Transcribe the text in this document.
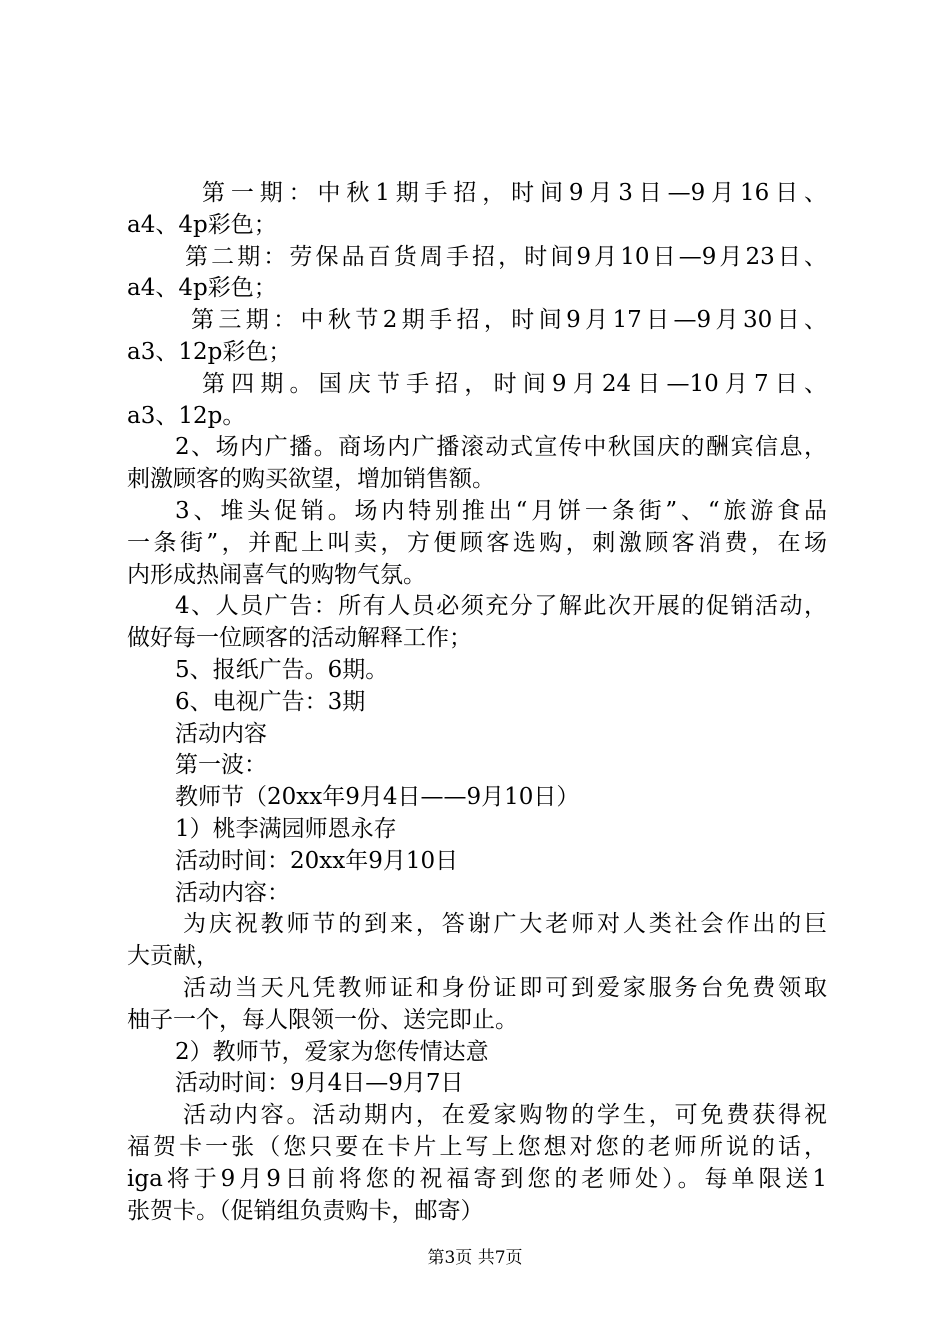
第一期：中秋1期手招，时间9月3日—9月16日、
a4、4p彩色；
第二期：劳保品百货周手招，时间9月10日—9月23日、
a4、4p彩色；
第三期：中秋节2期手招，时间9月17日—9月30日、
a3、12p彩色；
第四期。国庆节手招，时间9月24日—10月7日、
a3、12p。
2、场内广播。商场内广播滚动式宣传中秋国庆的酬宾信息，
刺激顾客的购买欲望，增加销售额。
3、堆头促销。场内特别推出“月饼一条街”、“旅游食品
一条街”，并配上叫卖，方便顾客选购，刺激顾客消费，在场
内形成热闹喜气的购物气氛。
4、人员广告：所有人员必须充分了解此次开展的促销活动，
做好每一位顾客的活动解释工作；
5、报纸广告。6期。
6、电视广告：3期
活动内容
第一波：
教师节（20xx年9月4日——9月10日）
1）桃李满园师恩永存
活动时间：20xx年9月10日
活动内容：
为庆祝教师节的到来，答谢广大老师对人类社会作出的巨
大贡献，
活动当天凡凭教师证和身份证即可到爱家服务台免费领取
柚子一个，每人限领一份、送完即止。
2）教师节，爱家为您传情达意
活动时间：9月4日—9月7日
活动内容。活动期内，在爱家购物的学生，可免费获得祝
福贺卡一张（您只要在卡片上写上您想对您的老师所说的话，
iga将于9月9日前将您的祝福寄到您的老师处）。每单限送1
张贺卡。（促销组负责购卡，邮寄）
第3页 共7页
